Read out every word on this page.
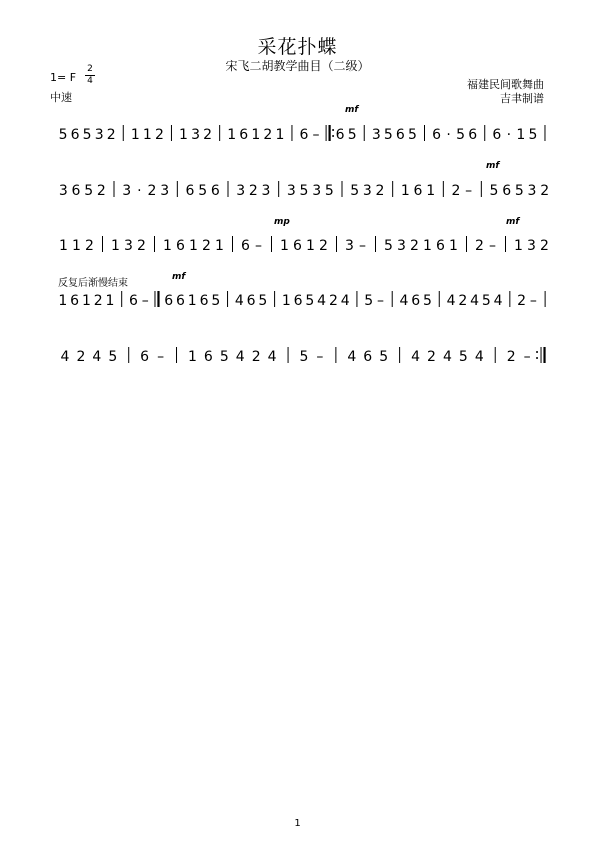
采花扑蝶
宋飞二胡教学曲目（二级）
1= F
2
4
中速
福建民间歌舞曲
吉聿制谱
反复后渐慢结束
5 6 5 3 2 1 1 2 1 3 2 1 6 1 2 1 6 – 6 5 3 5 6 5 6 · 5 6 6 · 1 5
3 6 5 2 3 · 2 3 6 5 6 3 2 3 3 5 3 5 5 3 2 1 6 1 2 – 5 6 5 3 2
1 1 2 1 3 2 1 6 1 2 1 6 – 1 6 1 2 3 – 5 3 2 1 6 1 2 – 1 3 2
1 6 1 2 1 6 – 6 6 1 6 5 4 6 5 1 6 5 4 2 4 5 – 4 6 5 4 2 4 5 4 2 –
4 2 4 5 6 – 1 6 5 4 2 4 5 – 4 6 5 4 2 4 5 4 2 –
mf
mf
mp	mf
mf
1
